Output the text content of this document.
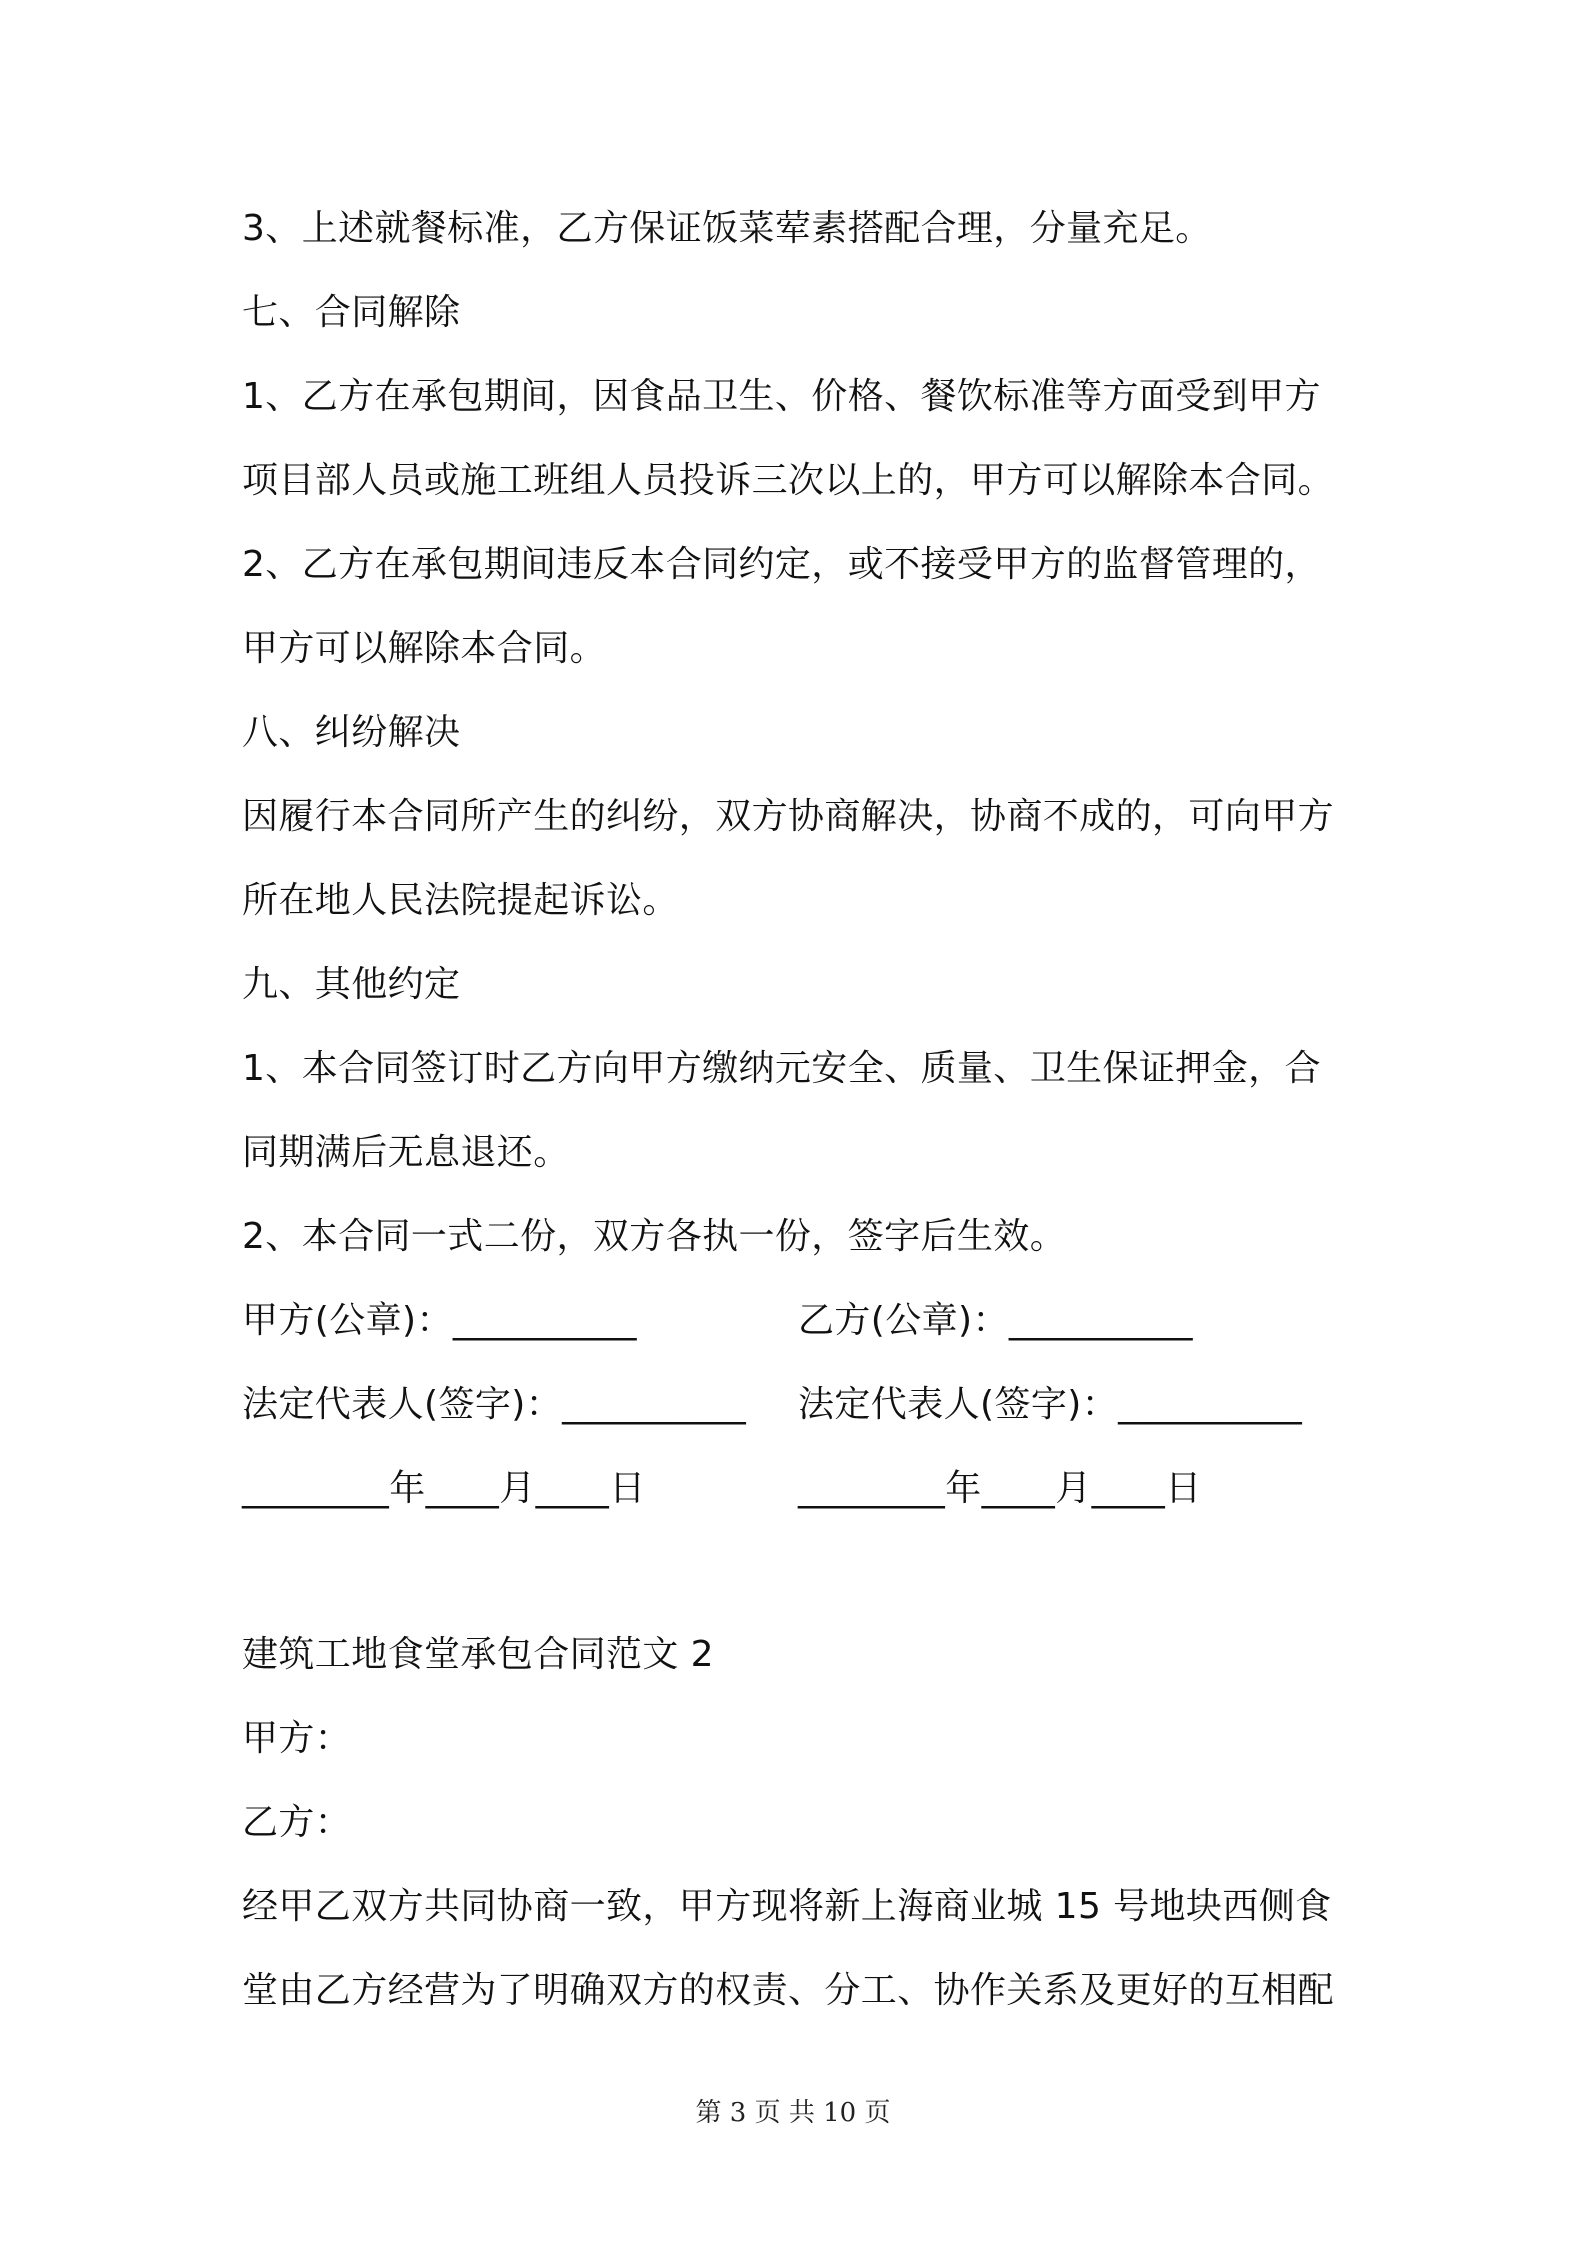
3、上述就餐标准，乙方保证饭菜荤素搭配合理，分量充足。
七、合同解除
1、乙方在承包期间，因食品卫生、价格、餐饮标准等方面受到甲方
项目部人员或施工班组人员投诉三次以上的，甲方可以解除本合同。
2、乙方在承包期间违反本合同约定，或不接受甲方的监督管理的，
甲方可以解除本合同。
八、纠纷解决
因履行本合同所产生的纠纷，双方协商解决，协商不成的，可向甲方
所在地人民法院提起诉讼。
九、其他约定
1、本合同签订时乙方向甲方缴纳元安全、质量、卫生保证押金，合
同期满后无息退还。
2、本合同一式二份，双方各执一份，签字后生效。
甲方(公章)：__________	乙方(公章)：__________
法定代表人(签字)：__________ 法定代表人(签字)：__________
________年____月____日	________年____月____日
建筑工地食堂承包合同范文 2
甲方：
乙方：
经甲乙双方共同协商一致，甲方现将新上海商业城 15 号地块西侧食
堂由乙方经营为了明确双方的权责、分工、协作关系及更好的互相配
第 3 页 共 10 页
